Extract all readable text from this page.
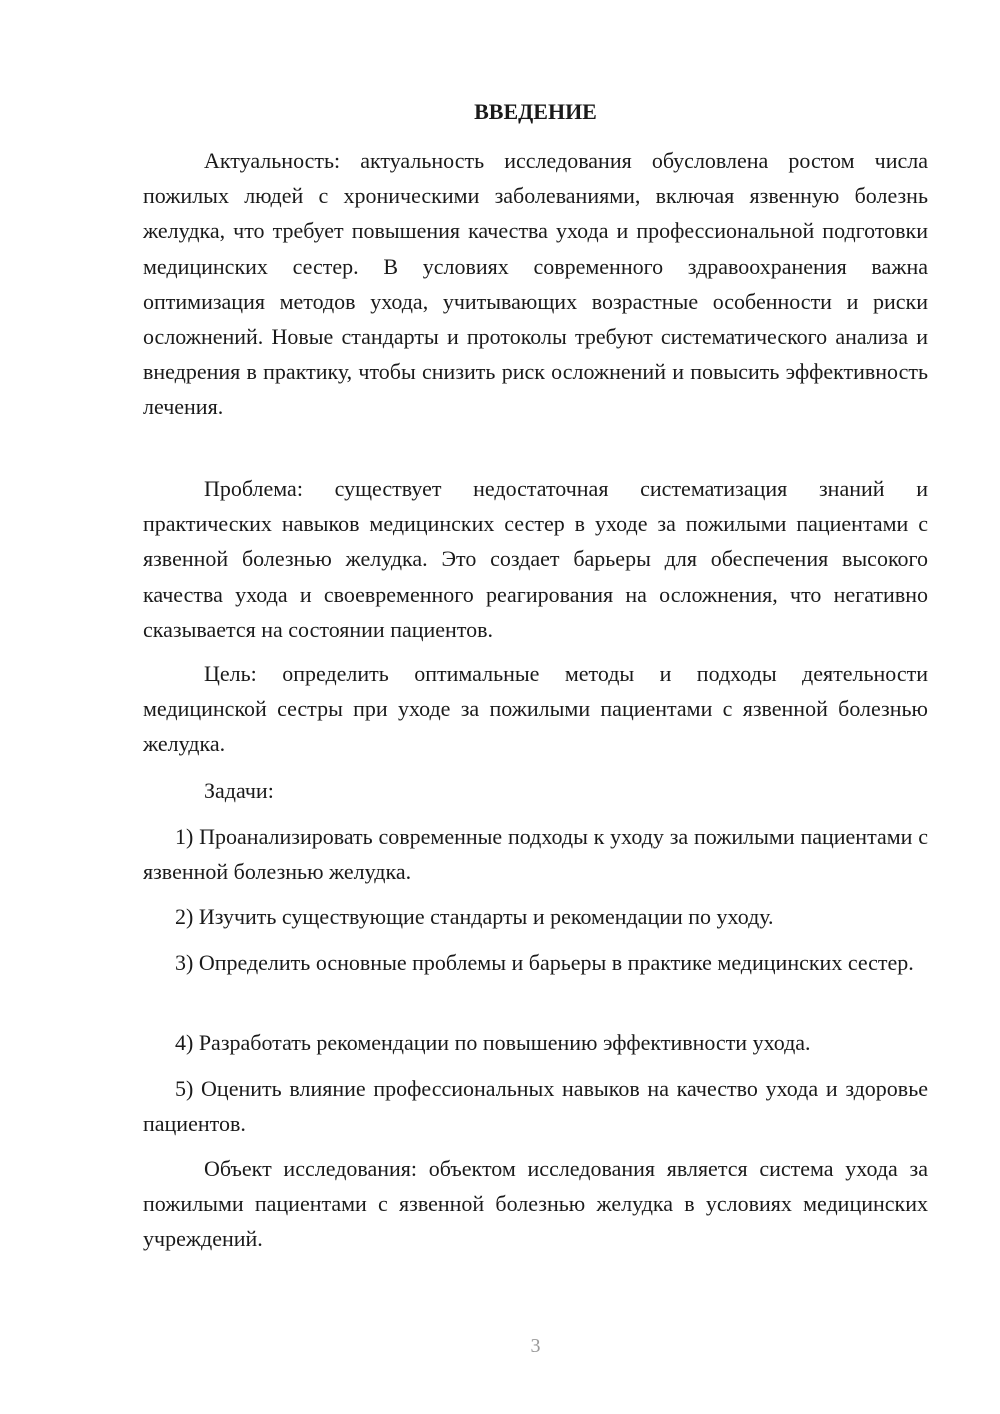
ВВЕДЕНИЕ

Актуальность: актуальность исследования обусловлена ростом числа пожилых людей с хроническими заболеваниями, включая язвенную болезнь желудка, что требует повышения качества ухода и профессиональной подготовки медицинских сестер. В условиях современного здравоохранения важна оптимизация методов ухода, учитывающих возрастные особенности и риски осложнений. Новые стандарты и протоколы требуют систематического анализа и внедрения в практику, чтобы снизить риск осложнений и повысить эффективность лечения.

Проблема: существует недостаточная систематизация знаний и практических навыков медицинских сестер в уходе за пожилыми пациентами с язвенной болезнью желудка. Это создает барьеры для обеспечения высокого качества ухода и своевременного реагирования на осложнения, что негативно сказывается на состоянии пациентов.

Цель: определить оптимальные методы и подходы деятельности медицинской сестры при уходе за пожилыми пациентами с язвенной болезнью желудка.

Задачи:

1) Проанализировать современные подходы к уходу за пожилыми пациентами с язвенной болезнью желудка.

2) Изучить существующие стандарты и рекомендации по уходу.

3) Определить основные проблемы и барьеры в практике медицинских сестер.

4) Разработать рекомендации по повышению эффективности ухода.

5) Оценить влияние профессиональных навыков на качество ухода и здоровье пациентов.

Объект исследования: объектом исследования является система ухода за пожилыми пациентами с язвенной болезнью желудка в условиях медицинских учреждений.

3
